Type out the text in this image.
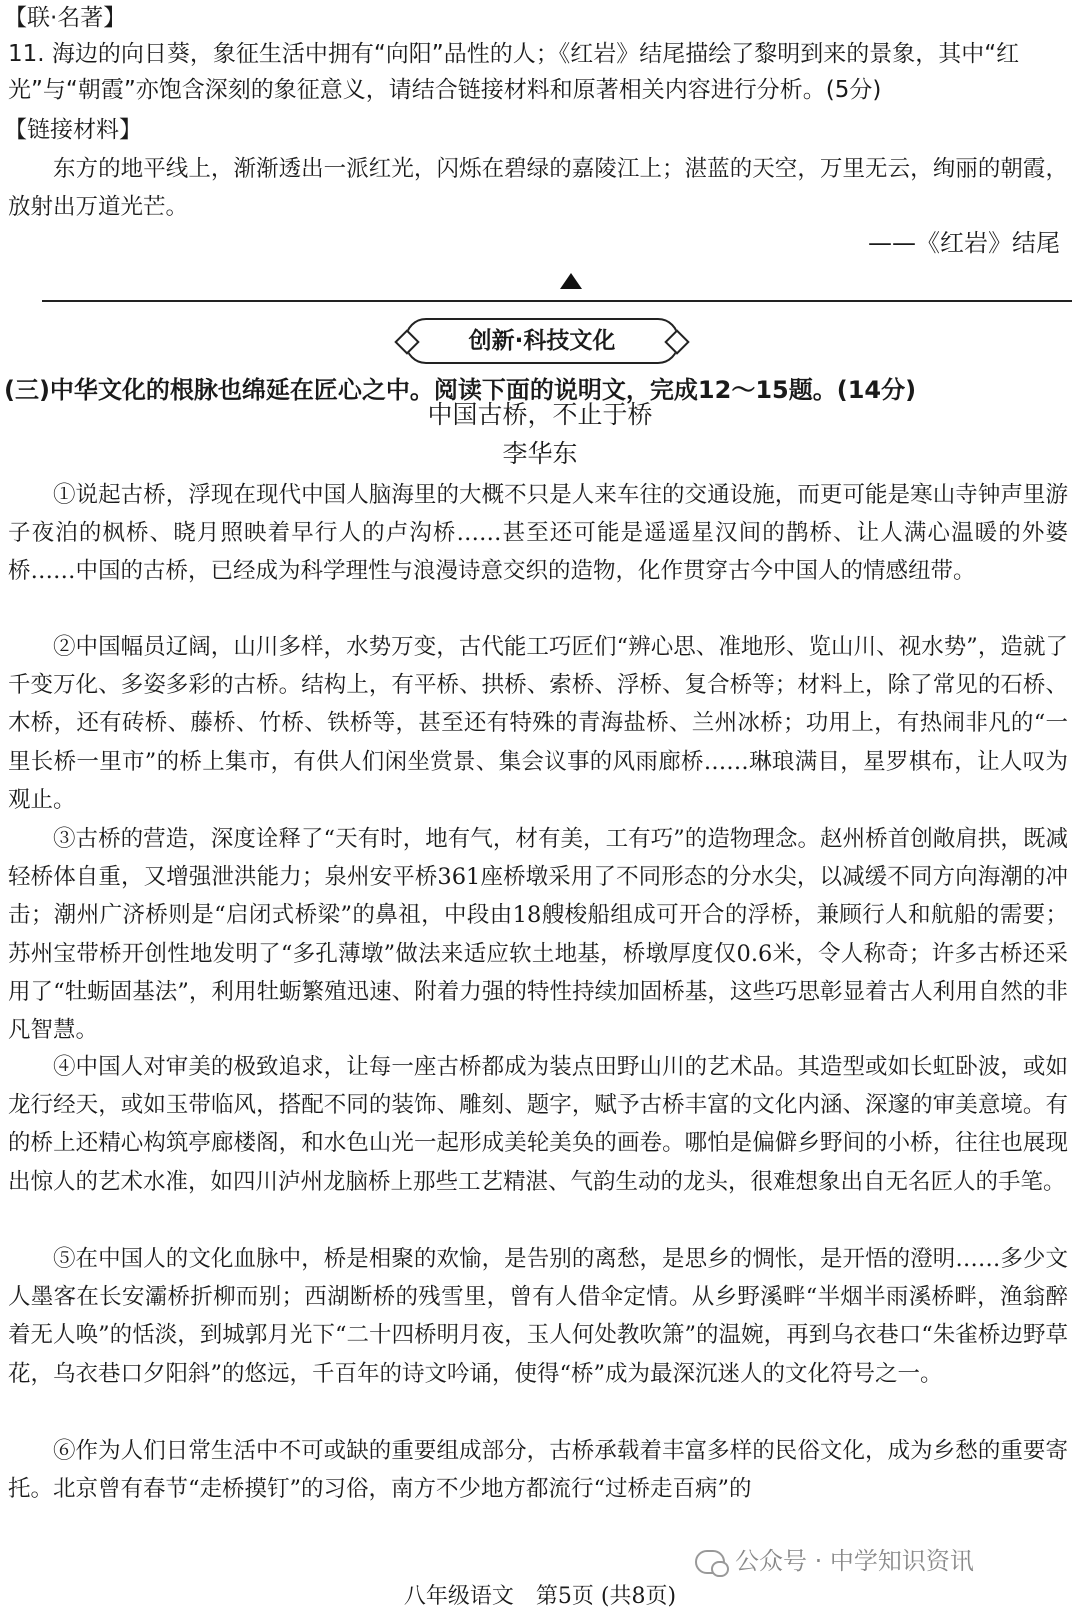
【联·名著】
11. 海边的向日葵，象征生活中拥有“向阳”品性的人；《红岩》结尾描绘了黎明到来的景象，其中“红光”与“朝霞”亦饱含深刻的象征意义，请结合链接材料和原著相关内容进行分析。(5分)
【链接材料】
东方的地平线上，渐渐透出一派红光，闪烁在碧绿的嘉陵江上；湛蓝的天空，万里无云，绚丽的朝霞，放射出万道光芒。
——《红岩》结尾
创新·科技文化
(三)中华文化的根脉也绵延在匠心之中。阅读下面的说明文，完成12～15题。(14分)
中国古桥，不止于桥
李华东
①说起古桥，浮现在现代中国人脑海里的大概不只是人来车往的交通设施，而更可能是寒山寺钟声里游子夜泊的枫桥、晓月照映着早行人的卢沟桥……甚至还可能是遥遥星汉间的鹊桥、让人满心温暖的外婆桥……中国的古桥，已经成为科学理性与浪漫诗意交织的造物，化作贯穿古今中国人的情感纽带。
②中国幅员辽阔，山川多样，水势万变，古代能工巧匠们“辨心思、准地形、览山川、视水势”，造就了千变万化、多姿多彩的古桥。结构上，有平桥、拱桥、索桥、浮桥、复合桥等；材料上，除了常见的石桥、木桥，还有砖桥、藤桥、竹桥、铁桥等，甚至还有特殊的青海盐桥、兰州冰桥；功用上，有热闹非凡的“一里长桥一里市”的桥上集市，有供人们闲坐赏景、集会议事的风雨廊桥……琳琅满目，星罗棋布，让人叹为观止。
③古桥的营造，深度诠释了“天有时，地有气，材有美，工有巧”的造物理念。赵州桥首创敞肩拱，既减轻桥体自重，又增强泄洪能力；泉州安平桥361座桥墩采用了不同形态的分水尖，以减缓不同方向海潮的冲击；潮州广济桥则是“启闭式桥梁”的鼻祖，中段由18艘梭船组成可开合的浮桥，兼顾行人和航船的需要；苏州宝带桥开创性地发明了“多孔薄墩”做法来适应软土地基，桥墩厚度仅0.6米，令人称奇；许多古桥还采用了“牡蛎固基法”，利用牡蛎繁殖迅速、附着力强的特性持续加固桥基，这些巧思彰显着古人利用自然的非凡智慧。
④中国人对审美的极致追求，让每一座古桥都成为装点田野山川的艺术品。其造型或如长虹卧波，或如龙行经天，或如玉带临风，搭配不同的装饰、雕刻、题字，赋予古桥丰富的文化内涵、深邃的审美意境。有的桥上还精心构筑亭廊楼阁，和水色山光一起形成美轮美奂的画卷。哪怕是偏僻乡野间的小桥，往往也展现出惊人的艺术水准，如四川泸州龙脑桥上那些工艺精湛、气韵生动的龙头，很难想象出自无名匠人的手笔。
⑤在中国人的文化血脉中，桥是相聚的欢愉，是告别的离愁，是思乡的惆怅，是开悟的澄明……多少文人墨客在长安灞桥折柳而别；西湖断桥的残雪里，曾有人借伞定情。从乡野溪畔“半烟半雨溪桥畔，渔翁醉着无人唤”的恬淡，到城郭月光下“二十四桥明月夜，玉人何处教吹箫”的温婉，再到乌衣巷口“朱雀桥边野草花，乌衣巷口夕阳斜”的悠远，千百年的诗文吟诵，使得“桥”成为最深沉迷人的文化符号之一。
⑥作为人们日常生活中不可或缺的重要组成部分，古桥承载着丰富多样的民俗文化，成为乡愁的重要寄托。北京曾有春节“走桥摸钉”的习俗，南方不少地方都流行“过桥走百病”的
公众号 · 中学知识资讯
八年级语文　第5页 (共8页)
